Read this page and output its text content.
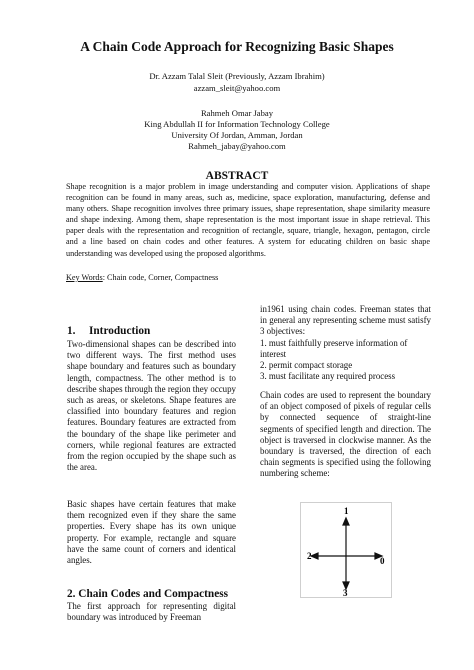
A Chain Code Approach for Recognizing Basic Shapes
Dr. Azzam Talal Sleit (Previously, Azzam Ibrahim)
azzam_sleit@yahoo.com
Rahmeh Omar Jabay
King Abdullah II for Information Technology College
University Of Jordan, Amman, Jordan
Rahmeh_jabay@yahoo.com
ABSTRACT
Shape recognition is a major problem in image understanding and computer vision. Applications of shape recognition can be found in many areas, such as, medicine, space exploration, manufacturing, defense and many others. Shape recognition involves three primary issues, shape representation, shape similarity measure and shape indexing. Among them, shape representation is the most important issue in shape retrieval. This paper deals with the representation and recognition of rectangle, square, triangle, hexagon, pentagon, circle and a line based on chain codes and other features. A system for educating children on basic shape understanding was developed using the proposed algorithms.
Key Words: Chain code, Corner, Compactness
1. Introduction
Two-dimensional shapes can be described into two different ways. The first method uses shape boundary and features such as boundary length, compactness. The other method is to describe shapes through the region they occupy such as areas, or skeletons. Shape features are classified into boundary features and region features. Boundary features are extracted from the boundary of the shape like perimeter and corners, while regional features are extracted from the region occupied by the shape such as the area.
Basic shapes have certain features that make them recognized even if they share the same properties. Every shape has its own unique property. For example, rectangle and square have the same count of corners and identical angles.
2. Chain Codes and Compactness
The first approach for representing digital boundary was introduced by Freeman
in1961 using chain codes. Freeman states that in general any representing scheme must satisfy 3 objectives:
1. must faithfully preserve information of interest
2. permit compact storage
3. must facilitate any required process
Chain codes are used to represent the boundary of an object composed of pixels of regular cells by connected sequence of straight-line segments of specified length and direction. The object is traversed in clockwise manner. As the boundary is traversed, the direction of each chain segments is specified using the following numbering scheme:
1
2	0
3
